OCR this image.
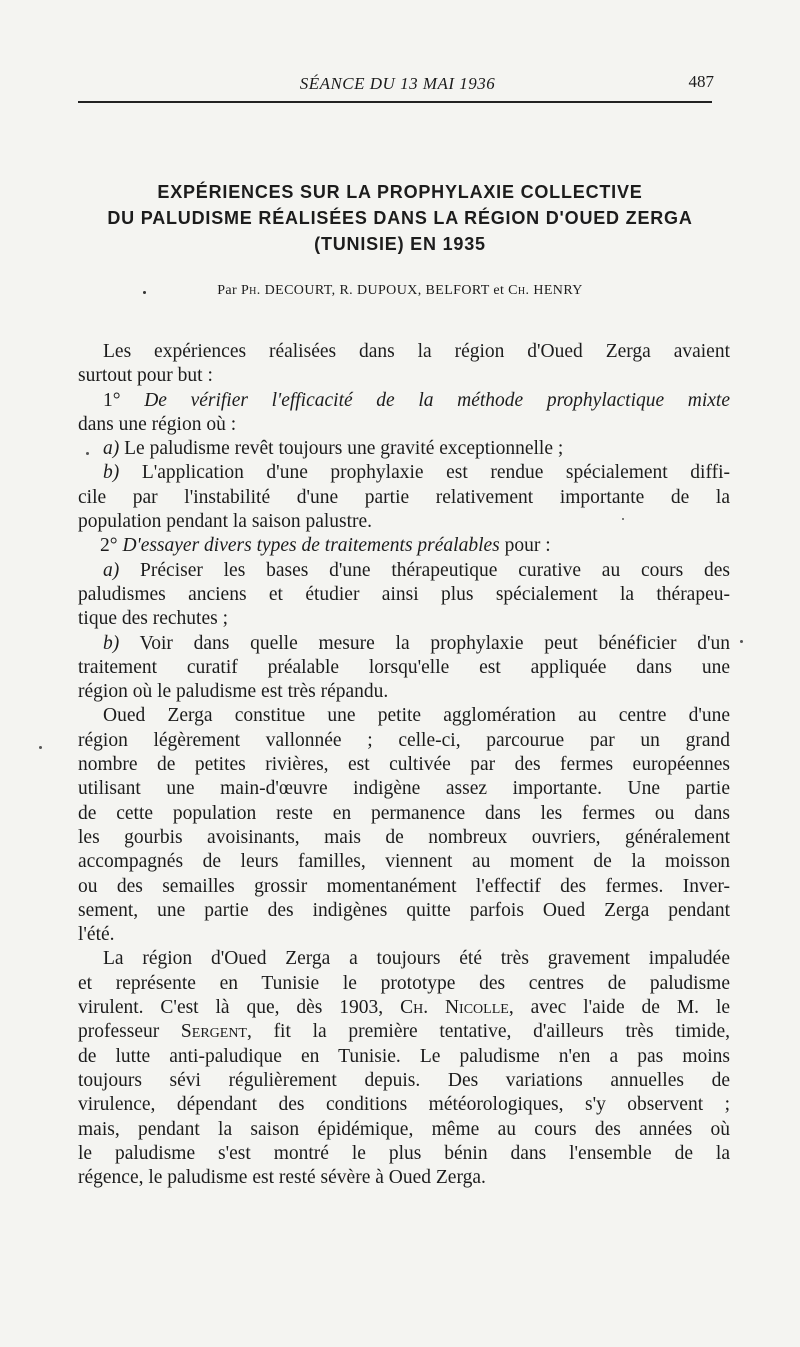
SÉANCE DU 13 MAI 1936	487
EXPÉRIENCES SUR LA PROPHYLAXIE COLLECTIVE
DU PALUDISME RÉALISÉES DANS LA RÉGION D'OUED ZERGA
(TUNISIE) EN 1935
Par Ph. DECOURT, R. DUPOUX, BELFORT et Ch. HENRY
Les expériences réalisées dans la région d'Oued Zerga avaient
surtout pour but :
1° De vérifier l'efficacité de la méthode prophylactique mixte
dans une région où :
a) Le paludisme revêt toujours une gravité exceptionnelle ;
b) L'application d'une prophylaxie est rendue spécialement diffi-
cile par l'instabilité d'une partie relativement importante de la
population pendant la saison palustre.
2° D'essayer divers types de traitements préalables pour :
a) Préciser les bases d'une thérapeutique curative au cours des
paludismes anciens et étudier ainsi plus spécialement la thérapeu-
tique des rechutes ;
b) Voir dans quelle mesure la prophylaxie peut bénéficier d'un
traitement curatif préalable lorsqu'elle est appliquée dans une
région où le paludisme est très répandu.
Oued Zerga constitue une petite agglomération au centre d'une
région légèrement vallonnée ; celle-ci, parcourue par un grand
nombre de petites rivières, est cultivée par des fermes européennes
utilisant une main-d'œuvre indigène assez importante. Une partie
de cette population reste en permanence dans les fermes ou dans
les gourbis avoisinants, mais de nombreux ouvriers, généralement
accompagnés de leurs familles, viennent au moment de la moisson
ou des semailles grossir momentanément l'effectif des fermes. Inver-
sement, une partie des indigènes quitte parfois Oued Zerga pendant
l'été.
La région d'Oued Zerga a toujours été très gravement impaludée
et représente en Tunisie le prototype des centres de paludisme
virulent. C'est là que, dès 1903, Ch. Nicolle, avec l'aide de M. le
professeur Sergent, fit la première tentative, d'ailleurs très timide,
de lutte anti-paludique en Tunisie. Le paludisme n'en a pas moins
toujours sévi régulièrement depuis. Des variations annuelles de
virulence, dépendant des conditions météorologiques, s'y observent ;
mais, pendant la saison épidémique, même au cours des années où
le paludisme s'est montré le plus bénin dans l'ensemble de la
régence, le paludisme est resté sévère à Oued Zerga.
